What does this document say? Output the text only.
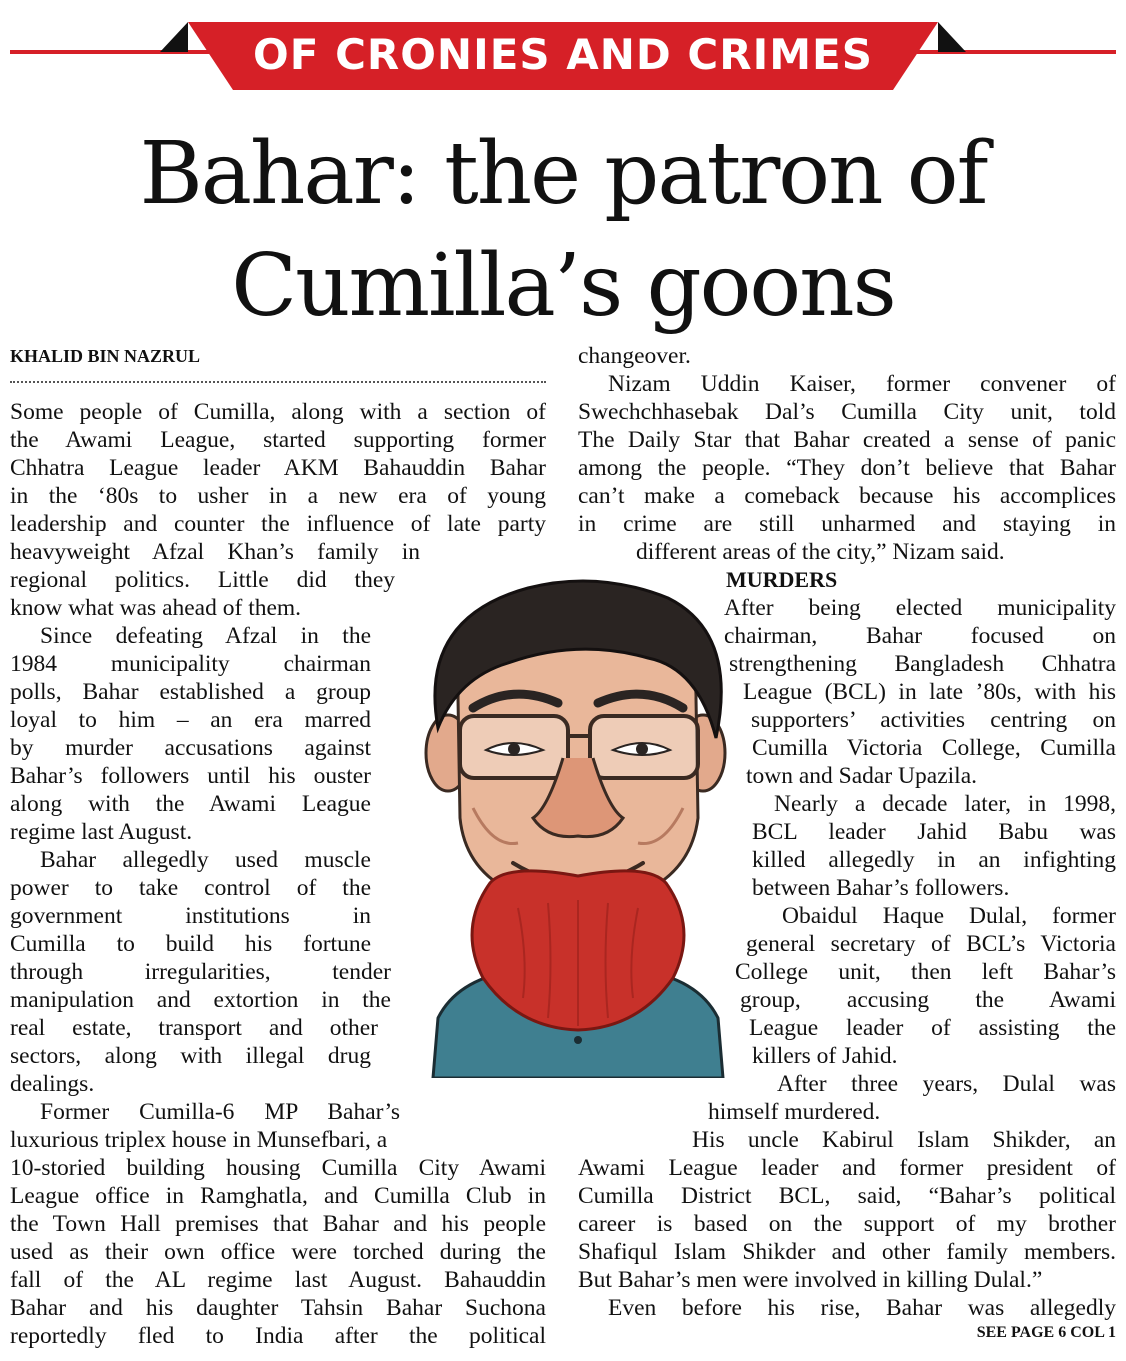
OF CRONIES AND CRIMES
Bahar: the patron of
Cumilla’s goons
KHALID BIN NAZRUL
Some people of Cumilla, along with a section of
the Awami League, started supporting former
Chhatra League leader AKM Bahauddin Bahar
in the ‘80s to usher in a new era of young
leadership and counter the influence of late party
heavyweight Afzal Khan’s family in
regional politics. Little did they
know what was ahead of them.
Since defeating Afzal in the
1984 municipality chairman
polls, Bahar established a group
loyal to him – an era marred
by murder accusations against
Bahar’s followers until his ouster
along with the Awami League
regime last August.
Bahar allegedly used muscle
power to take control of the
government institutions in
Cumilla to build his fortune
through irregularities, tender
manipulation and extortion in the
real estate, transport and other
sectors, along with illegal drug
dealings.
Former Cumilla-6 MP Bahar’s
luxurious triplex house in Munsefbari, a
10-storied building housing Cumilla City Awami
League office in Ramghatla, and Cumilla Club in
the Town Hall premises that Bahar and his people
used as their own office were torched during the
fall of the AL regime last August. Bahauddin
Bahar and his daughter Tahsin Bahar Suchona
reportedly fled to India after the political
changeover.
Nizam Uddin Kaiser, former convener of
Swechchhasebak Dal’s Cumilla City unit, told
The Daily Star that Bahar created a sense of panic
among the people. “They don’t believe that Bahar
can’t make a comeback because his accomplices
in crime are still unharmed and staying in
different areas of the city,” Nizam said.
MURDERS
After being elected municipality
chairman, Bahar focused on
strengthening Bangladesh Chhatra
League (BCL) in late ’80s, with his
supporters’ activities centring on
Cumilla Victoria College, Cumilla
town and Sadar Upazila.
Nearly a decade later, in 1998,
BCL leader Jahid Babu was
killed allegedly in an infighting
between Bahar’s followers.
Obaidul Haque Dulal, former
general secretary of BCL’s Victoria
College unit, then left Bahar’s
group, accusing the Awami
League leader of assisting the
killers of Jahid.
After three years, Dulal was
himself murdered.
His uncle Kabirul Islam Shikder, an
Awami League leader and former president of
Cumilla District BCL, said, “Bahar’s political
career is based on the support of my brother
Shafiqul Islam Shikder and other family members.
But Bahar’s men were involved in killing Dulal.”
Even before his rise, Bahar was allegedly
SEE PAGE 6 COL 1
